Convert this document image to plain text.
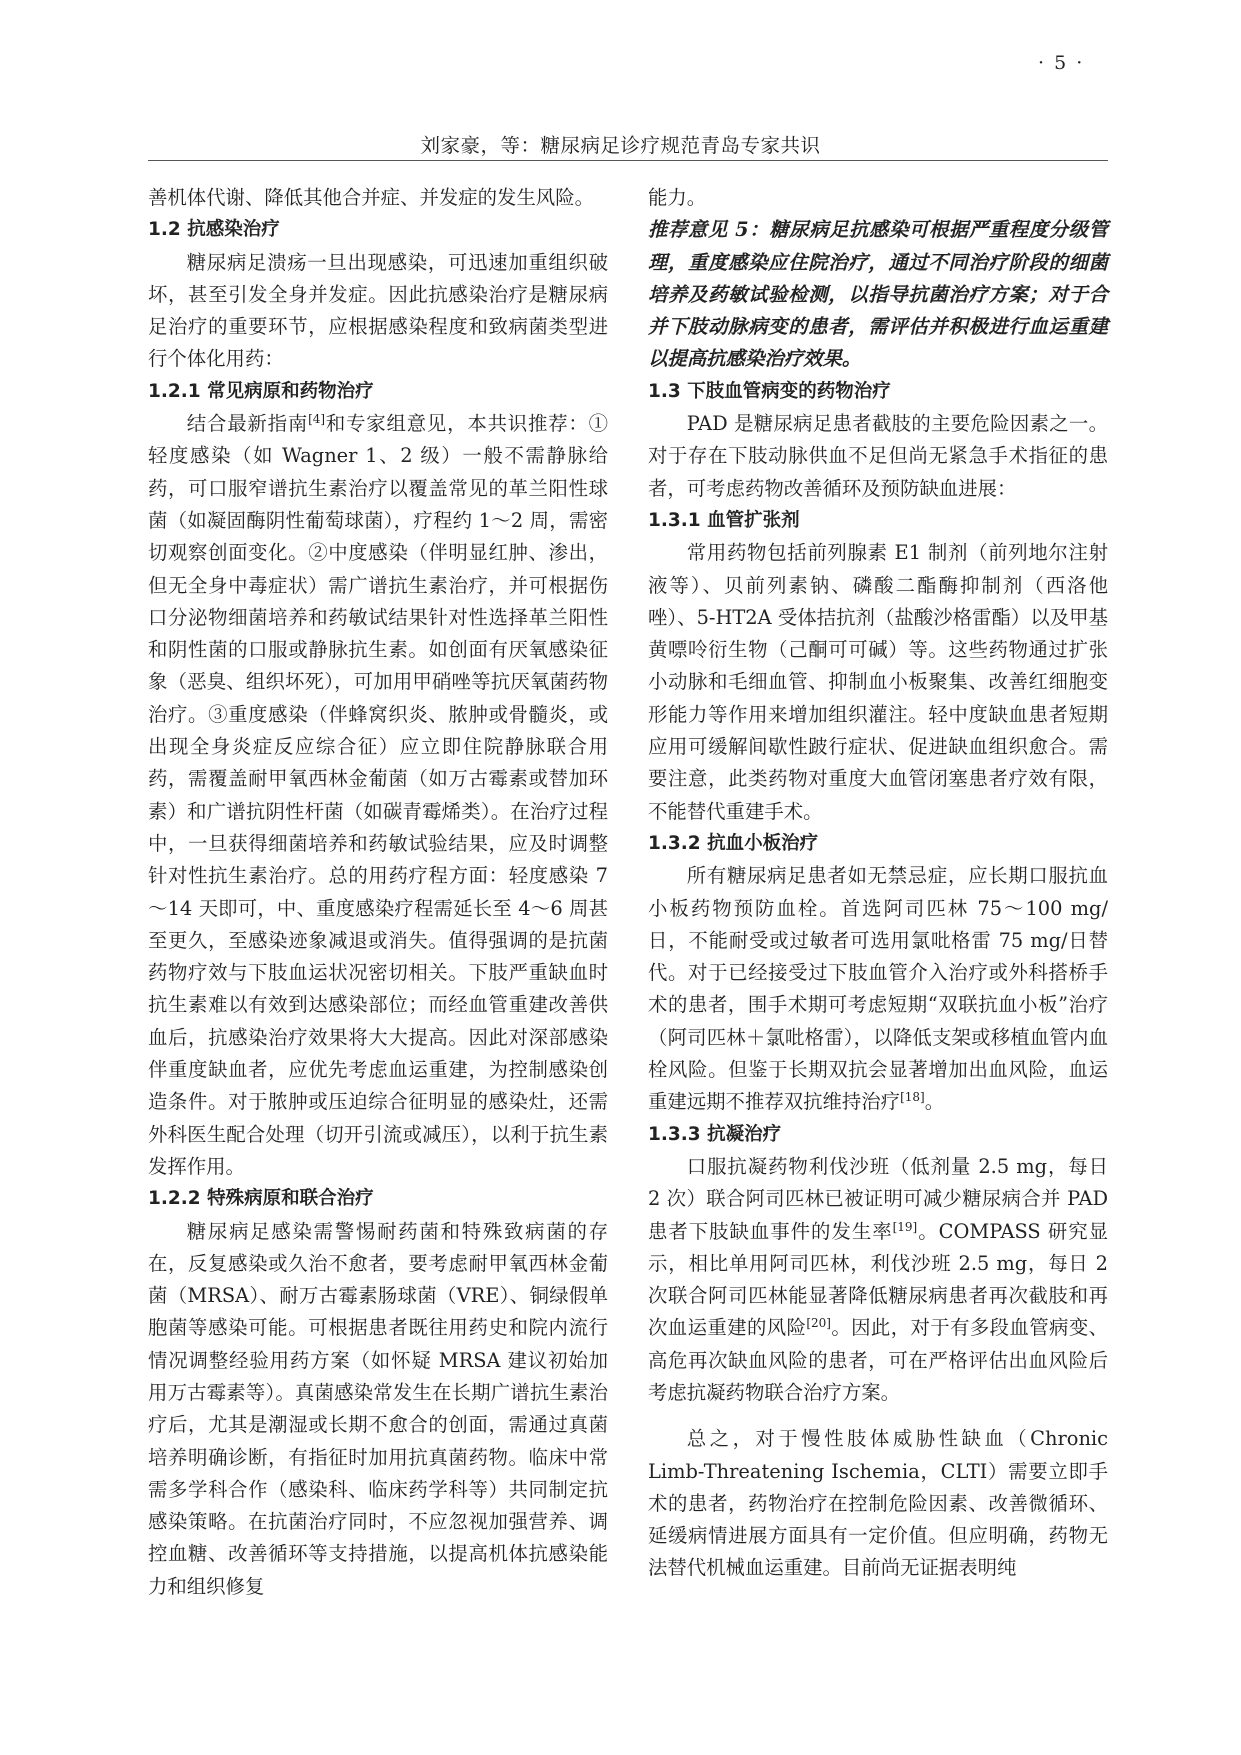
· 5 ·
刘家豪，等：糖尿病足诊疗规范青岛专家共识

善机体代谢、降低其他合并症、并发症的发生风险。

1.2 抗感染治疗

糖尿病足溃疡一旦出现感染，可迅速加重组织破坏，甚至引发全身并发症。因此抗感染治疗是糖尿病足治疗的重要环节，应根据感染程度和致病菌类型进行个体化用药：

1.2.1 常见病原和药物治疗

结合最新指南[4]和专家组意见，本共识推荐：①轻度感染（如 Wagner 1、2 级）一般不需静脉给药，可口服窄谱抗生素治疗以覆盖常见的革兰阳性球菌（如凝固酶阴性葡萄球菌），疗程约 1～2 周，需密切观察创面变化。②中度感染（伴明显红肿、渗出，但无全身中毒症状）需广谱抗生素治疗，并可根据伤口分泌物细菌培养和药敏试结果针对性选择革兰阳性和阴性菌的口服或静脉抗生素。如创面有厌氧感染征象（恶臭、组织坏死），可加用甲硝唑等抗厌氧菌药物治疗。③重度感染（伴蜂窝织炎、脓肿或骨髓炎，或出现全身炎症反应综合征）应立即住院静脉联合用药，需覆盖耐甲氧西林金葡菌（如万古霉素或替加环素）和广谱抗阴性杆菌（如碳青霉烯类）。在治疗过程中，一旦获得细菌培养和药敏试验结果，应及时调整针对性抗生素治疗。总的用药疗程方面：轻度感染 7～14 天即可，中、重度感染疗程需延长至 4～6 周甚至更久，至感染迹象减退或消失。值得强调的是抗菌药物疗效与下肢血运状况密切相关。下肢严重缺血时抗生素难以有效到达感染部位；而经血管重建改善供血后，抗感染治疗效果将大大提高。因此对深部感染伴重度缺血者，应优先考虑血运重建，为控制感染创造条件。对于脓肿或压迫综合征明显的感染灶，还需外科医生配合处理（切开引流或减压），以利于抗生素发挥作用。

1.2.2 特殊病原和联合治疗

糖尿病足感染需警惕耐药菌和特殊致病菌的存在，反复感染或久治不愈者，要考虑耐甲氧西林金葡菌（MRSA）、耐万古霉素肠球菌（VRE）、铜绿假单胞菌等感染可能。可根据患者既往用药史和院内流行情况调整经验用药方案（如怀疑 MRSA 建议初始加用万古霉素等）。真菌感染常发生在长期广谱抗生素治疗后，尤其是潮湿或长期不愈合的创面，需通过真菌培养明确诊断，有指征时加用抗真菌药物。临床中常需多学科合作（感染科、临床药学科等）共同制定抗感染策略。在抗菌治疗同时，不应忽视加强营养、调控血糖、改善循环等支持措施，以提高机体抗感染能力和组织修复

能力。

推荐意见 5：糖尿病足抗感染可根据严重程度分级管理，重度感染应住院治疗，通过不同治疗阶段的细菌培养及药敏试验检测，以指导抗菌治疗方案；对于合并下肢动脉病变的患者，需评估并积极进行血运重建以提高抗感染治疗效果。

1.3 下肢血管病变的药物治疗

PAD 是糖尿病足患者截肢的主要危险因素之一。对于存在下肢动脉供血不足但尚无紧急手术指征的患者，可考虑药物改善循环及预防缺血进展：

1.3.1 血管扩张剂

常用药物包括前列腺素 E1 制剂（前列地尔注射液等）、贝前列素钠、磷酸二酯酶抑制剂（西洛他唑）、5-HT2A 受体拮抗剂（盐酸沙格雷酯）以及甲基黄嘌呤衍生物（己酮可可碱）等。这些药物通过扩张小动脉和毛细血管、抑制血小板聚集、改善红细胞变形能力等作用来增加组织灌注。轻中度缺血患者短期应用可缓解间歇性跛行症状、促进缺血组织愈合。需要注意，此类药物对重度大血管闭塞患者疗效有限，不能替代重建手术。

1.3.2 抗血小板治疗

所有糖尿病足患者如无禁忌症，应长期口服抗血小板药物预防血栓。首选阿司匹林 75～100 mg/日，不能耐受或过敏者可选用氯吡格雷 75 mg/日替代。对于已经接受过下肢血管介入治疗或外科搭桥手术的患者，围手术期可考虑短期“双联抗血小板”治疗（阿司匹林＋氯吡格雷），以降低支架或移植血管内血栓风险。但鉴于长期双抗会显著增加出血风险，血运重建远期不推荐双抗维持治疗[18]。

1.3.3 抗凝治疗

口服抗凝药物利伐沙班（低剂量 2.5 mg，每日 2 次）联合阿司匹林已被证明可减少糖尿病合并 PAD 患者下肢缺血事件的发生率[19]。COMPASS 研究显示，相比单用阿司匹林，利伐沙班 2.5 mg，每日 2 次联合阿司匹林能显著降低糖尿病患者再次截肢和再次血运重建的风险[20]。因此，对于有多段血管病变、高危再次缺血风险的患者，可在严格评估出血风险后考虑抗凝药物联合治疗方案。

总之，对于慢性肢体威胁性缺血（Chronic Limb-Threatening Ischemia，CLTI）需要立即手术的患者，药物治疗在控制危险因素、改善微循环、延缓病情进展方面具有一定价值。但应明确，药物无法替代机械血运重建。目前尚无证据表明纯
